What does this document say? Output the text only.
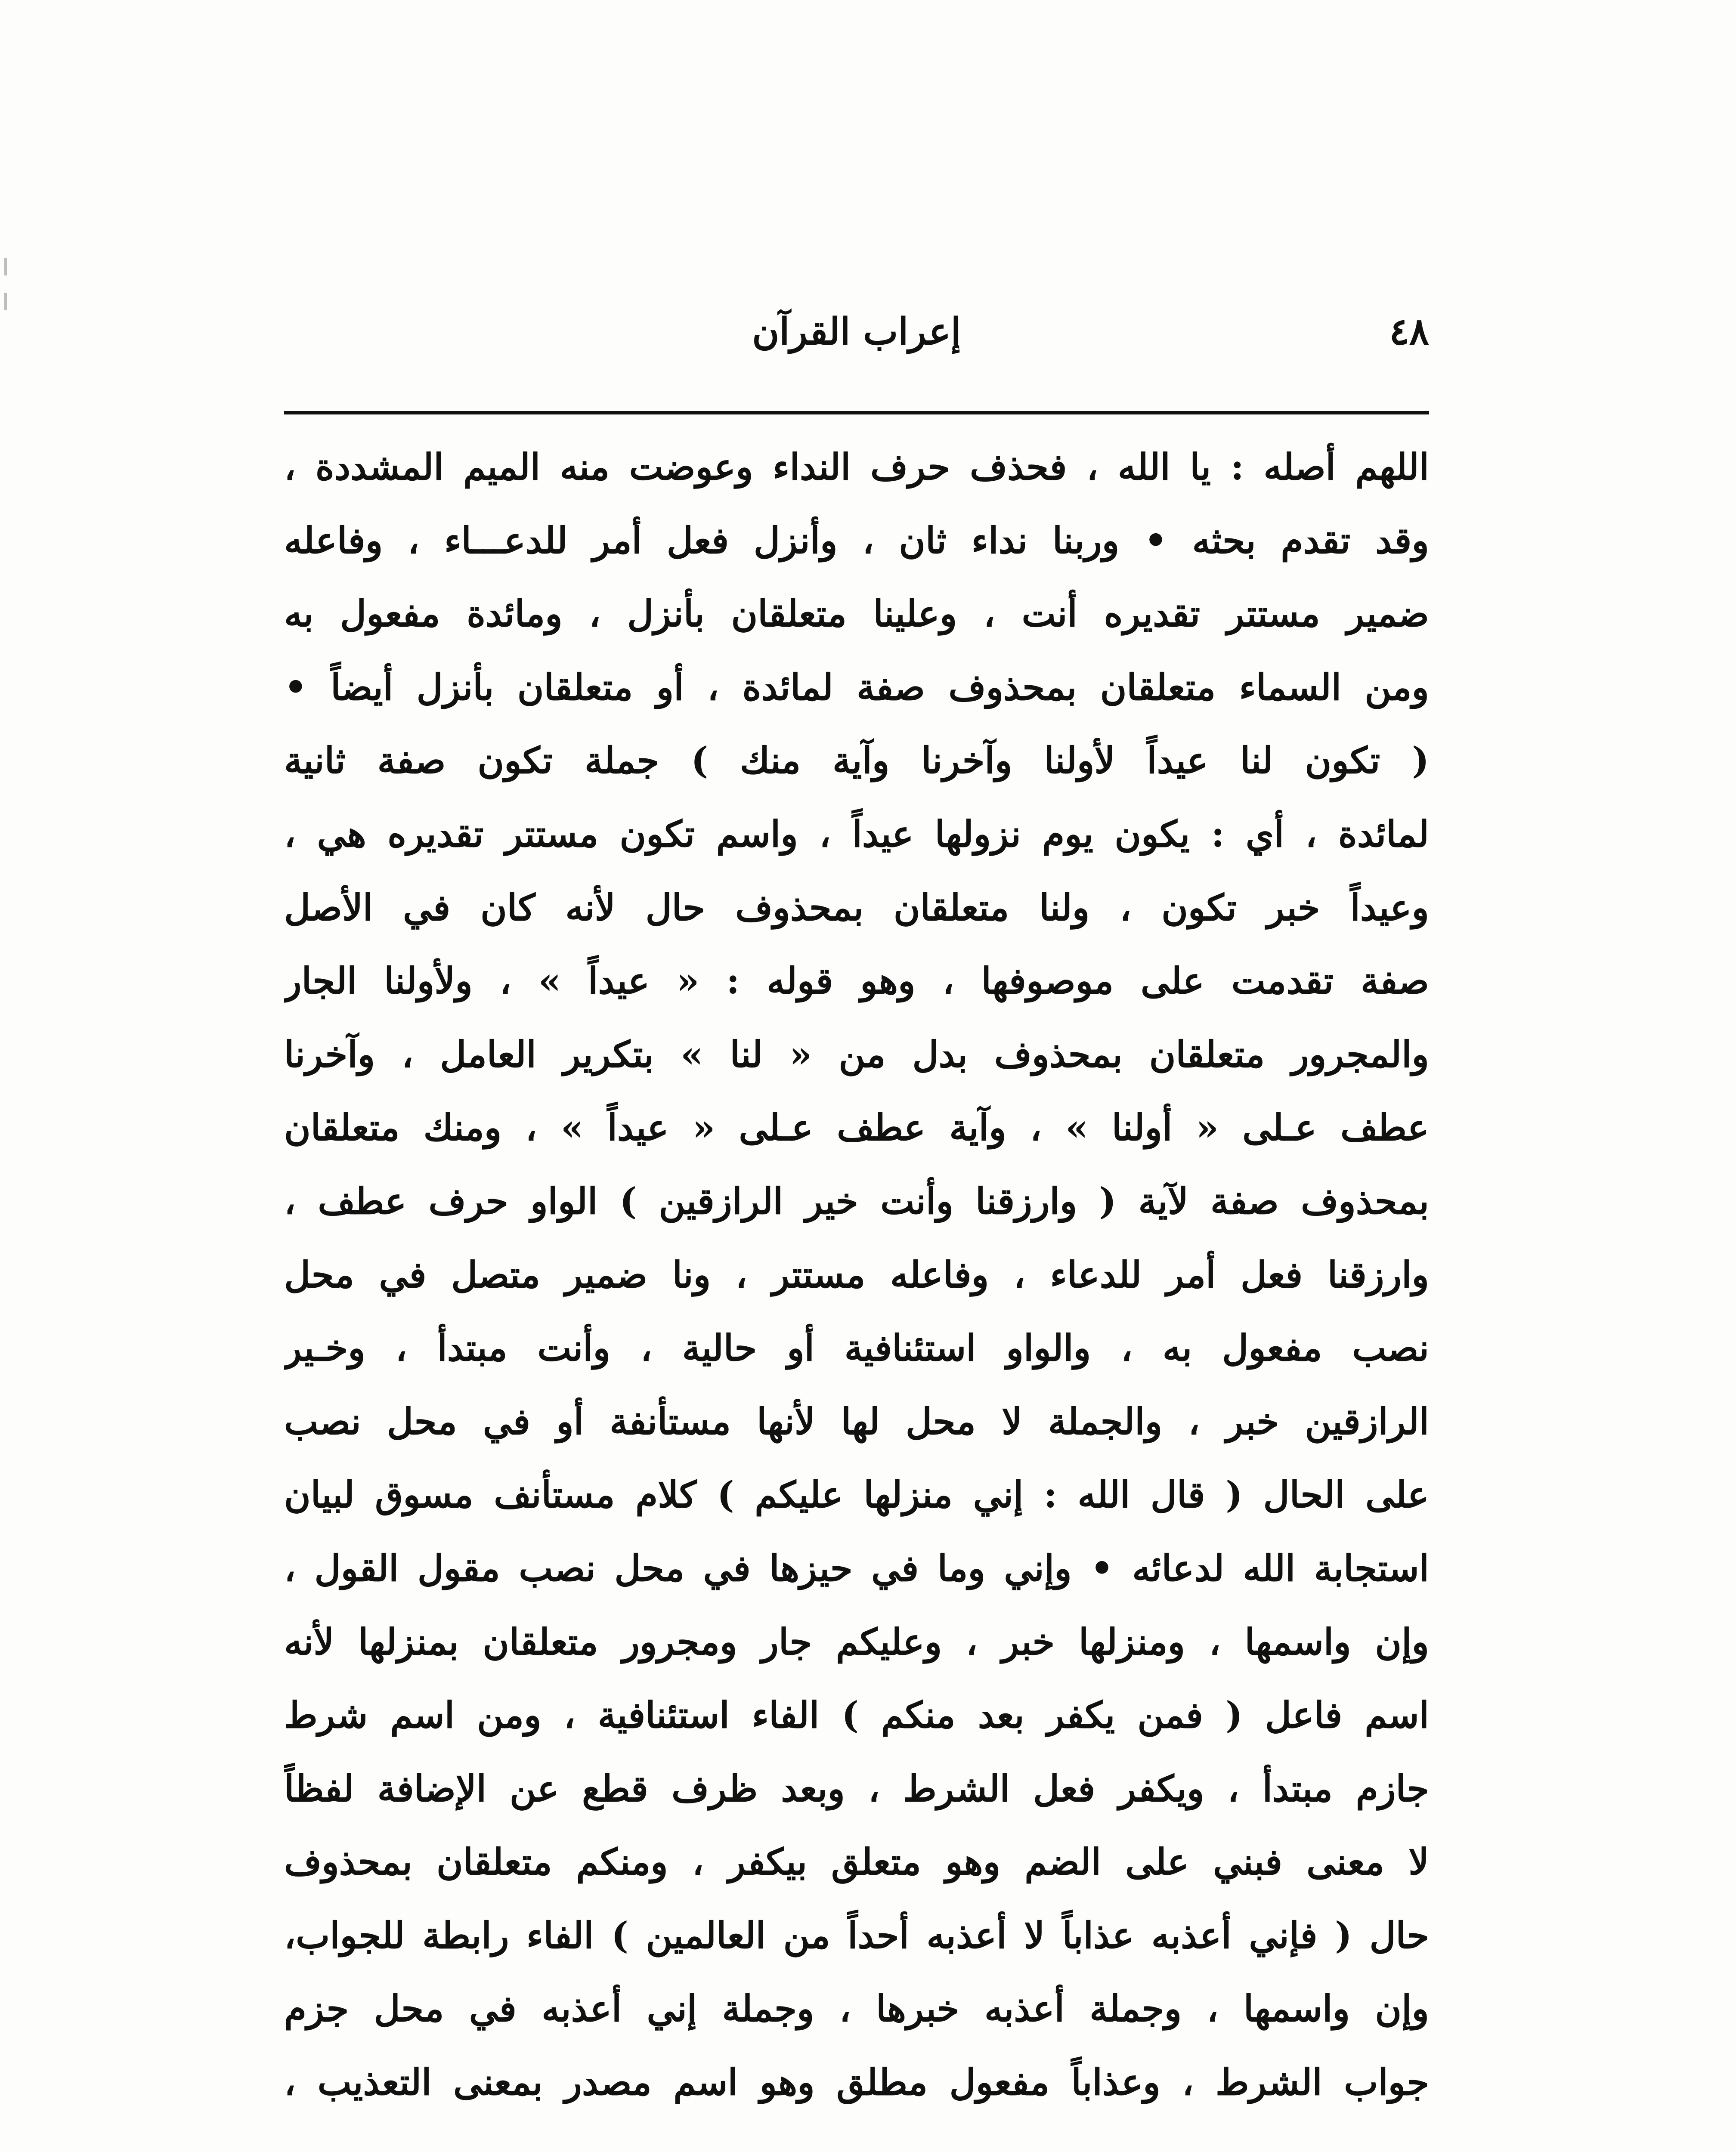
٤٨
إعراب القرآن
اللهم أصله : يا الله ، فحذف حرف النداء وعوضت منه الميم المشددة ،
وقد تقدم بحثه • وربنا نداء ثان ، وأنزل فعل أمر للدعـــاء ، وفاعله
ضمير مستتر تقديره أنت ، وعلينا متعلقان بأنزل ، ومائدة مفعول به
ومن السماء متعلقان بمحذوف صفة لمائدة ، أو متعلقان بأنزل أيضاً •
( تكون لنا عيداً لأولنا وآخرنا وآية منك ) جملة تكون صفة ثانية
لمائدة ، أي : يكون يوم نزولها عيداً ، واسم تكون مستتر تقديره هي ،
وعيداً خبر تكون ، ولنا متعلقان بمحذوف حال لأنه كان في الأصل
صفة تقدمت على موصوفها ، وهو قوله : « عيداً » ، ولأولنا الجار
والمجرور متعلقان بمحذوف بدل من « لنا » بتكرير العامل ، وآخرنا
عطف عـلى « أولنا » ، وآية عطف عـلى « عيداً » ، ومنك متعلقان
بمحذوف صفة لآية ( وارزقنا وأنت خير الرازقين ) الواو حرف عطف ،
وارزقنا فعل أمر للدعاء ، وفاعله مستتر ، ونا ضمير متصل في محل
نصب مفعول به ، والواو استئنافية أو حالية ، وأنت مبتدأ ، وخـير
الرازقين خبر ، والجملة لا محل لها لأنها مستأنفة أو في محل نصب
على الحال ( قال الله : إني منزلها عليكم ) كلام مستأنف مسوق لبيان
استجابة الله لدعائه • وإني وما في حيزها في محل نصب مقول القول ،
وإن واسمها ، ومنزلها خبر ، وعليكم جار ومجرور متعلقان بمنزلها لأنه
اسم فاعل ( فمن يكفر بعد منكم ) الفاء استئنافية ، ومن اسم شرط
جازم مبتدأ ، ويكفر فعل الشرط ، وبعد ظرف قطع عن الإضافة لفظاً
لا معنى فبني على الضم وهو متعلق بيكفر ، ومنكم متعلقان بمحذوف
حال ( فإني أعذبه عذاباً لا أعذبه أحداً من العالمين ) الفاء رابطة للجواب،
وإن واسمها ، وجملة أعذبه خبرها ، وجملة إني أعذبه في محل جزم
جواب الشرط ، وعذاباً مفعول مطلق وهو اسم مصدر بمعنى التعذيب ،
